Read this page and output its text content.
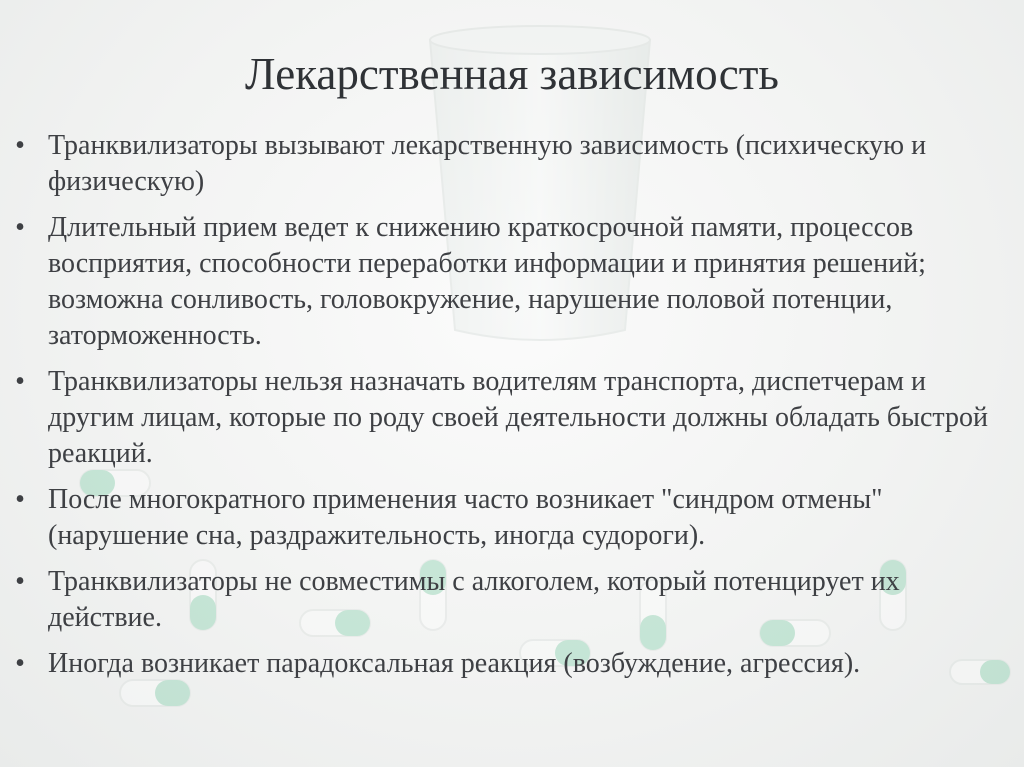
Лекарственная зависимость
• Транквилизаторы вызывают лекарственную зависимость (психическую и физическую)
• Длительный прием ведет к снижению краткосрочной памяти, процессов восприятия, способности переработки информации и принятия решений; возможна сонливость, головокружение, нарушение половой потенции, заторможенность.
• Транквилизаторы нельзя назначать водителям транспорта, диспетчерам и другим лицам, которые по роду своей деятельности должны обладать быстрой реакций.
• После многократного применения часто возникает "синдром отмены" (нарушение сна, раздражительность, иногда судороги).
• Транквилизаторы не совместимы с алкоголем, который потенцирует их действие.
• Иногда возникает парадоксальная реакция (возбуждение, агрессия).
